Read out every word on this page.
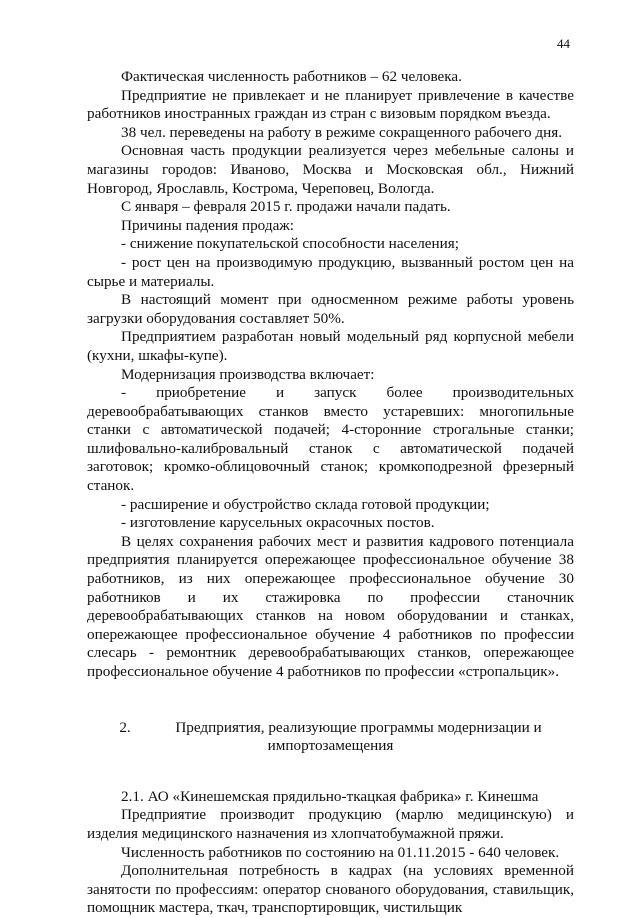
44

Фактическая численность работников – 62 человека.

Предприятие не привлекает и не планирует привлечение в качестве работников иностранных граждан из стран с визовым порядком въезда.

38 чел. переведены на работу в режиме сокращенного рабочего дня.

Основная часть продукции реализуется через мебельные салоны и магазины городов: Иваново, Москва и Московская обл., Нижний Новгород, Ярославль, Кострома, Череповец, Вологда.

С января – февраля 2015 г. продажи начали падать.

Причины падения продаж:

- снижение покупательской способности населения;

- рост цен на производимую продукцию, вызванный ростом цен на сырье и материалы.

В настоящий момент при односменном режиме работы уровень загрузки оборудования составляет 50%.

Предприятием разработан новый модельный ряд корпусной мебели (кухни, шкафы-купе).

Модернизация производства включает:

- приобретение и запуск более производительных деревообрабатывающих станков вместо устаревших: многопильные станки с автоматической подачей; 4-сторонние строгальные станки; шлифовально-калибровальный станок с автоматической подачей заготовок; кромко-облицовочный станок; кромкоподрезной фрезерный станок.

- расширение и обустройство склада готовой продукции;

- изготовление карусельных окрасочных постов.

В целях сохранения рабочих мест и развития кадрового потенциала предприятия планируется опережающее профессиональное обучение 38 работников, из них опережающее профессиональное обучение 30 работников и их стажировка по профессии станочник деревообрабатывающих станков на новом оборудовании и станках, опережающее профессиональное обучение 4 работников по профессии слесарь - ремонтник деревообрабатывающих станков, опережающее профессиональное обучение 4 работников по профессии «стропальцик».

2.	Предприятия, реализующие программы модернизации и
импортозамещения

2.1. АО «Кинешемская прядильно-ткацкая фабрика» г. Кинешма

Предприятие производит продукцию (марлю медицинскую) и изделия медицинского назначения из хлопчатобумажной пряжи.

Численность работников по состоянию на 01.11.2015 - 640 человек.

Дополнительная потребность в кадрах (на условиях временной занятости по профессиям: оператор снованого оборудования, ставильщик, помощник мастера, ткач, транспортировщик, чистильщик
